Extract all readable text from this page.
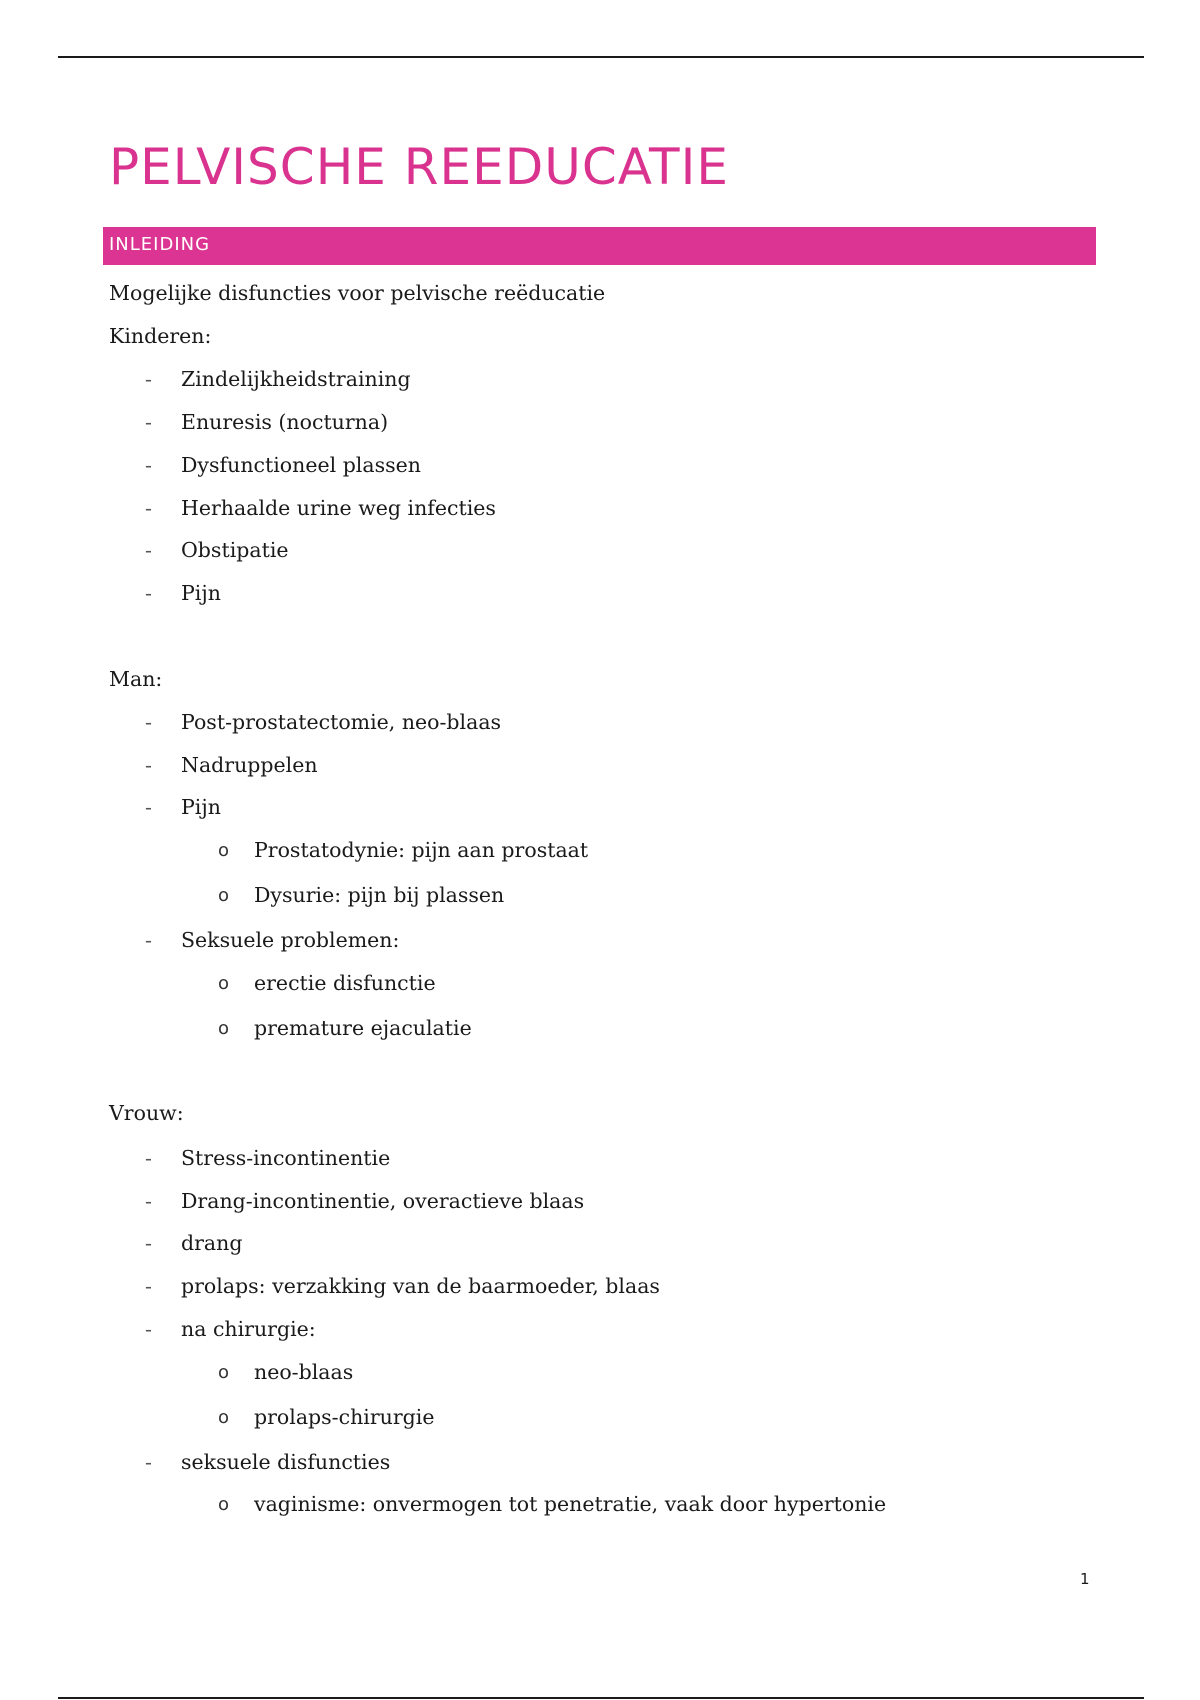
PELVISCHE REEDUCATIE
INLEIDING
Mogelijke disfuncties voor pelvische reëducatie
Kinderen:
- Zindelijkheidstraining
- Enuresis (nocturna)
- Dysfunctioneel plassen
- Herhaalde urine weg infecties
- Obstipatie
- Pijn
Man:
- Post-prostatectomie, neo-blaas
- Nadruppelen
- Pijn
o Prostatodynie: pijn aan prostaat
o Dysurie: pijn bij plassen
- Seksuele problemen:
o erectie disfunctie
o premature ejaculatie
Vrouw:
- Stress-incontinentie
- Drang-incontinentie, overactieve blaas
- drang
- prolaps: verzakking van de baarmoeder, blaas
- na chirurgie:
o neo-blaas
o prolaps-chirurgie
- seksuele disfuncties
o vaginisme: onvermogen tot penetratie, vaak door hypertonie
1
